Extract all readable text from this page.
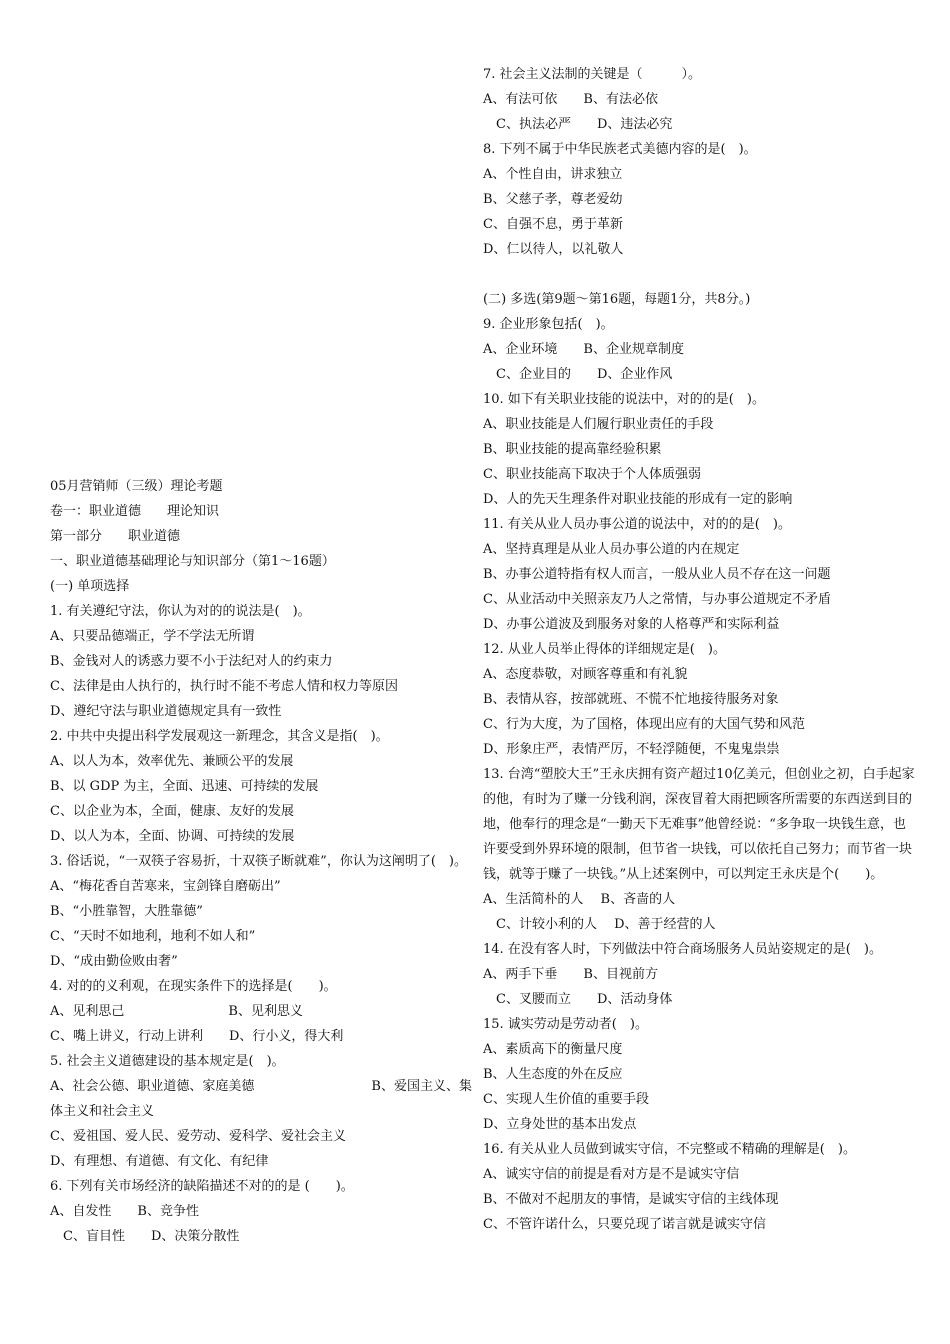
05月营销师（三级）理论考题
卷一：职业道德　　理论知识
第一部分　　职业道德
一、职业道德基础理论与知识部分（第1～16题）
(一) 单项选择
1. 有关遵纪守法，你认为对的的说法是(　)。
A、只要品德端正，学不学法无所谓
B、金钱对人的诱惑力要不小于法纪对人的约束力
C、法律是由人执行的，执行时不能不考虑人情和权力等原因
D、遵纪守法与职业道德规定具有一致性
2. 中共中央提出科学发展观这一新理念，其含义是指(　)。
A、以人为本，效率优先、兼顾公平的发展
B、以 GDP 为主，全面、迅速、可持续的发展
C、以企业为本，全面，健康、友好的发展
D、以人为本，全面、协调、可持续的发展
3. 俗话说，“一双筷子容易折，十双筷子断就难”，你认为这阐明了(　)。
A、“梅花香自苦寒来，宝剑锋自磨砺出”
B、“小胜靠智，大胜靠德”
C、“天时不如地利，地利不如人和”
D、“成由勤俭败由奢”
4. 对的的义利观，在现实条件下的选择是(　　)。
A、见利思己　　　　　　　　B、见利思义
C、嘴上讲义，行动上讲利　　D、行小义，得大利
5. 社会主义道德建设的基本规定是(　)。
A、社会公德、职业道德、家庭美德　　　　　　　　　B、爱国主义、集体主义和社会主义
C、爱祖国、爱人民、爱劳动、爱科学、爱社会主义
D、有理想、有道德、有文化、有纪律
6. 下列有关市场经济的缺陷描述不对的的是 (　　)。
A、自发性　　B、竞争性
　C、盲目性　　D、决策分散性
7. 社会主义法制的关键是（　　　）。
A、有法可依　　B、有法必依
　C、执法必严　　D、违法必究
8. 下列不属于中华民族老式美德内容的是(　)。
A、个性自由，讲求独立
B、父慈子孝，尊老爱幼
C、自强不息，勇于革新
D、仁以待人，以礼敬人
(二) 多选(第9题～第16题，每题1分，共8分。)
9. 企业形象包括(　)。
A、企业环境　　B、企业规章制度
　C、企业目的　　D、企业作风
10. 如下有关职业技能的说法中，对的的是(　)。
A、职业技能是人们履行职业责任的手段
B、职业技能的提高靠经验积累
C、职业技能高下取决于个人体质强弱
D、人的先天生理条件对职业技能的形成有一定的影响
11. 有关从业人员办事公道的说法中，对的的是(　)。
A、坚持真理是从业人员办事公道的内在规定
B、办事公道特指有权人而言，一般从业人员不存在这一问题
C、从业活动中关照亲友乃人之常情，与办事公道规定不矛盾
D、办事公道波及到服务对象的人格尊严和实际利益
12. 从业人员举止得体的详细规定是(　)。
A、态度恭敬，对顾客尊重和有礼貌
B、表情从容，按部就班、不慌不忙地接待服务对象
C、行为大度，为了国格，体现出应有的大国气势和风范
D、形象庄严，表情严厉，不轻浮随便，不鬼鬼祟祟
13. 台湾“塑胶大王”王永庆拥有资产超过10亿美元，但创业之初，白手起家的他，有时为了赚一分钱利润，深夜冒着大雨把顾客所需要的东西送到目的地，他奉行的理念是“一勤天下无难事”他曾经说：“多争取一块钱生意，也许要受到外界环境的限制，但节省一块钱，可以依托自己努力；而节省一块钱，就等于赚了一块钱。”从上述案例中，可以判定王永庆是个(　　)。
A、生活简朴的人　 B、吝啬的人
　C、计较小利的人　 D、善于经营的人
14. 在没有客人时，下列做法中符合商场服务人员站姿规定的是(　)。
A、两手下垂　　B、目视前方
　C、叉腰而立　　D、活动身体
15. 诚实劳动是劳动者(　)。
A、素质高下的衡量尺度
B、人生态度的外在反应
C、实现人生价值的重要手段
D、立身处世的基本出发点
16. 有关从业人员做到诚实守信，不完整或不精确的理解是(　)。
A、诚实守信的前提是看对方是不是诚实守信
B、不做对不起朋友的事情，是诚实守信的主线体现
C、不管许诺什么，只要兑现了诺言就是诚实守信
